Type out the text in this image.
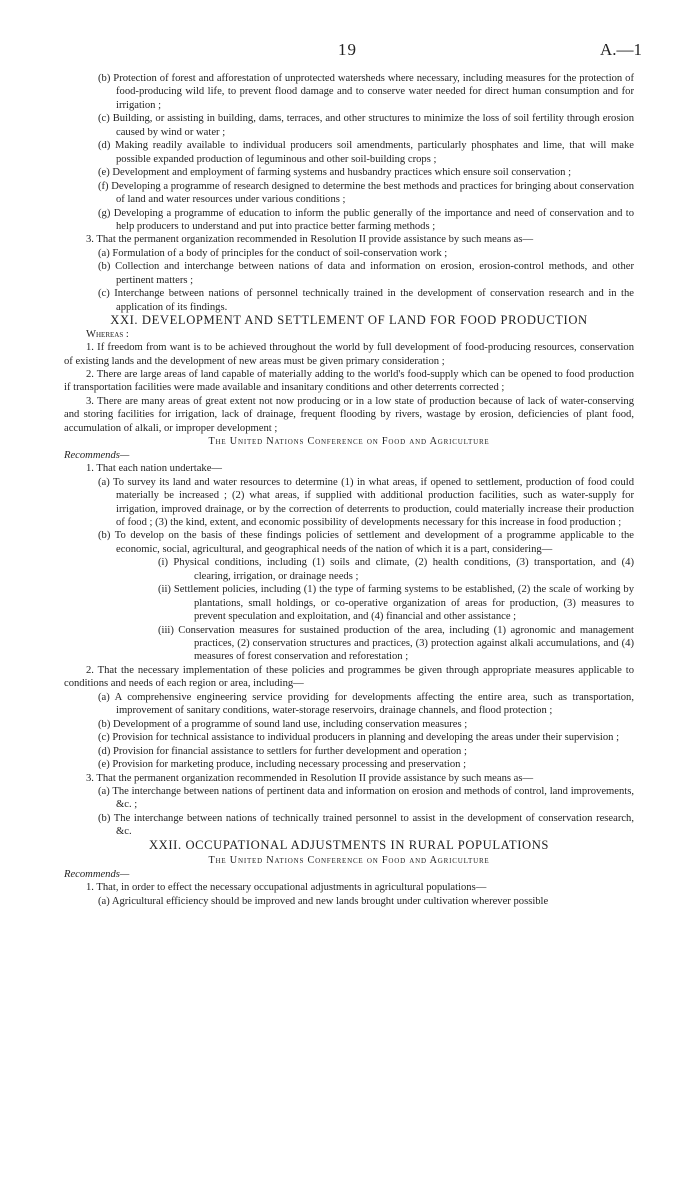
19	A.—1

(b) Protection of forest and afforestation of unprotected watersheds where necessary, including measures for the protection of food-producing wild life, to prevent flood damage and to conserve water needed for direct human consumption and for irrigation ;

(c) Building, or assisting in building, dams, terraces, and other structures to minimize the loss of soil fertility through erosion caused by wind or water ;

(d) Making readily available to individual producers soil amendments, particularly phosphates and lime, that will make possible expanded production of leguminous and other soil-building crops ;

(e) Development and employment of farming systems and husbandry practices which ensure soil conservation ;

(f) Developing a programme of research designed to determine the best methods and practices for bringing about conservation of land and water resources under various conditions ;

(g) Developing a programme of education to inform the public generally of the importance and need of conservation and to help producers to understand and put into practice better farming methods ;

3. That the permanent organization recommended in Resolution II provide assistance by such means as—

(a) Formulation of a body of principles for the conduct of soil-conservation work ;

(b) Collection and interchange between nations of data and information on erosion, erosion-control methods, and other pertinent matters ;

(c) Interchange between nations of personnel technically trained in the development of conservation research and in the application of its findings.

XXI. DEVELOPMENT AND SETTLEMENT OF LAND FOR FOOD PRODUCTION

Whereas :

1. If freedom from want is to be achieved throughout the world by full development of food-producing resources, conservation of existing lands and the development of new areas must be given primary consideration ;

2. There are large areas of land capable of materially adding to the world's food-supply which can be opened to food production if transportation facilities were made available and insanitary conditions and other deterrents corrected ;

3. There are many areas of great extent not now producing or in a low state of production because of lack of water-conserving and storing facilities for irrigation, lack of drainage, frequent flooding by rivers, wastage by erosion, deficiencies of plant food, accumulation of alkali, or improper development ;

The United Nations Conference on Food and Agriculture

Recommends—

1. That each nation undertake—

(a) To survey its land and water resources to determine (1) in what areas, if opened to settlement, production of food could materially be increased ; (2) what areas, if supplied with additional production facilities, such as water-supply for irrigation, improved drainage, or by the correction of deterrents to production, could materially increase their production of food ; (3) the kind, extent, and economic possibility of developments necessary for this increase in food production ;

(b) To develop on the basis of these findings policies of settlement and development of a programme applicable to the economic, social, agricultural, and geographical needs of the nation of which it is a part, considering—

(i) Physical conditions, including (1) soils and climate, (2) health conditions, (3) transportation, and (4) clearing, irrigation, or drainage needs ;

(ii) Settlement policies, including (1) the type of farming systems to be established, (2) the scale of working by plantations, small holdings, or co-operative organization of areas for production, (3) measures to prevent speculation and exploitation, and (4) financial and other assistance ;

(iii) Conservation measures for sustained production of the area, including (1) agronomic and management practices, (2) conservation structures and practices, (3) protection against alkali accumulations, and (4) measures of forest conservation and reforestation ;

2. That the necessary implementation of these policies and programmes be given through appropriate measures applicable to conditions and needs of each region or area, including—

(a) A comprehensive engineering service providing for developments affecting the entire area, such as transportation, improvement of sanitary conditions, water-storage reservoirs, drainage channels, and flood protection ;

(b) Development of a programme of sound land use, including conservation measures ;

(c) Provision for technical assistance to individual producers in planning and developing the areas under their supervision ;

(d) Provision for financial assistance to settlers for further development and operation ;

(e) Provision for marketing produce, including necessary processing and preservation ;

3. That the permanent organization recommended in Resolution II provide assistance by such means as—

(a) The interchange between nations of pertinent data and information on erosion and methods of control, land improvements, &c. ;

(b) The interchange between nations of technically trained personnel to assist in the development of conservation research, &c.

XXII. OCCUPATIONAL ADJUSTMENTS IN RURAL POPULATIONS

The United Nations Conference on Food and Agriculture

Recommends—

1. That, in order to effect the necessary occupational adjustments in agricultural populations—

(a) Agricultural efficiency should be improved and new lands brought under cultivation wherever possible
